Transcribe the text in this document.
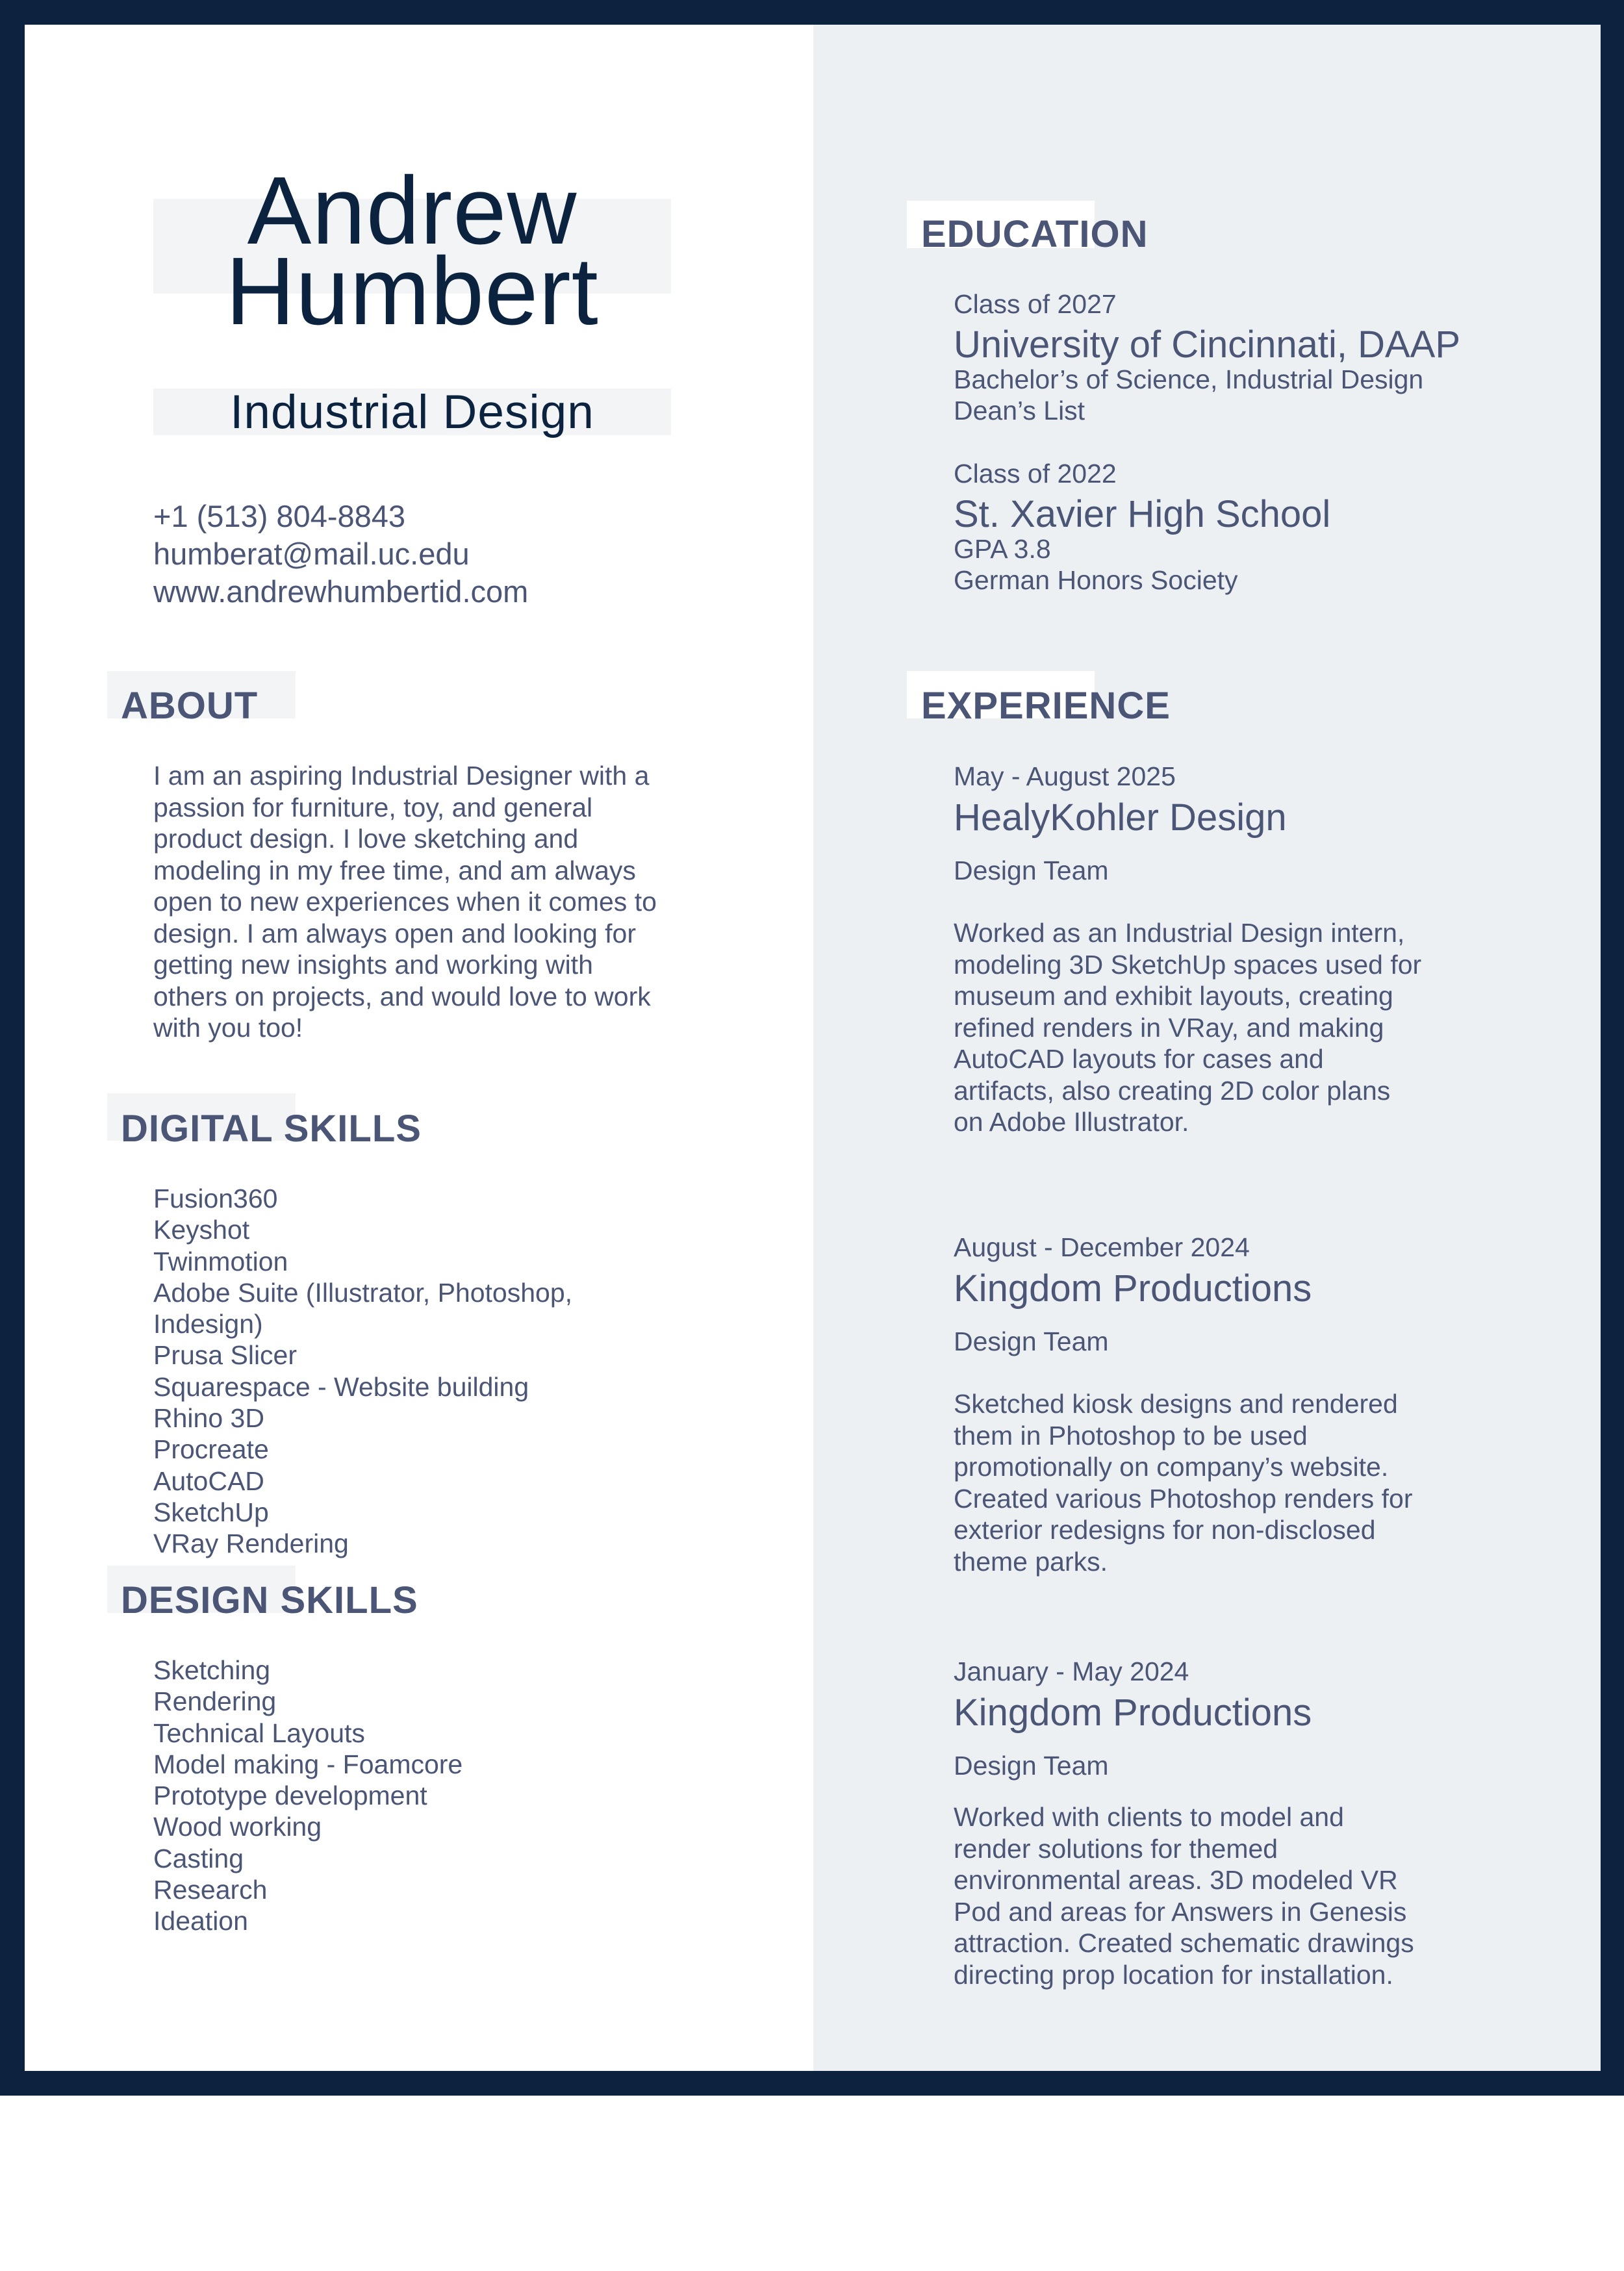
Andrew
Humbert
Industrial Design
+1 (513) 804-8843
humberat@mail.uc.edu
www.andrewhumbertid.com
ABOUT
I am an aspiring Industrial Designer with a
passion for furniture, toy, and general
product design. I love sketching and
modeling in my free time, and am always
open to new experiences when it comes to
design. I am always open and looking for
getting new insights and working with
others on projects, and would love to work
with you too!
DIGITAL SKILLS
Fusion360
Keyshot
Twinmotion
Adobe Suite (Illustrator, Photoshop,
Indesign)
Prusa Slicer
Squarespace - Website building
Rhino 3D
Procreate
AutoCAD
SketchUp
VRay Rendering
DESIGN SKILLS
Sketching
Rendering
Technical Layouts
Model making - Foamcore
Prototype development
Wood working
Casting
Research
Ideation
EDUCATION
Class of 2027
University of Cincinnati, DAAP
Bachelor’s of Science, Industrial Design
Dean’s List
Class of 2022
St. Xavier High School
GPA 3.8
German Honors Society
EXPERIENCE
May - August 2025
HealyKohler Design
Design Team
Worked as an Industrial Design intern,
modeling 3D SketchUp spaces used for
museum and exhibit layouts, creating
refined renders in VRay, and making
AutoCAD layouts for cases and
artifacts, also creating 2D color plans
on Adobe Illustrator.
August - December 2024
Kingdom Productions
Design Team
Sketched kiosk designs and rendered
them in Photoshop to be used
promotionally on company’s website.
Created various Photoshop renders for
exterior redesigns for non-disclosed
theme parks.
January - May 2024
Kingdom Productions
Design Team
Worked with clients to model and
render solutions for themed
environmental areas. 3D modeled VR
Pod and areas for Answers in Genesis
attraction. Created schematic drawings
directing prop location for installation.
